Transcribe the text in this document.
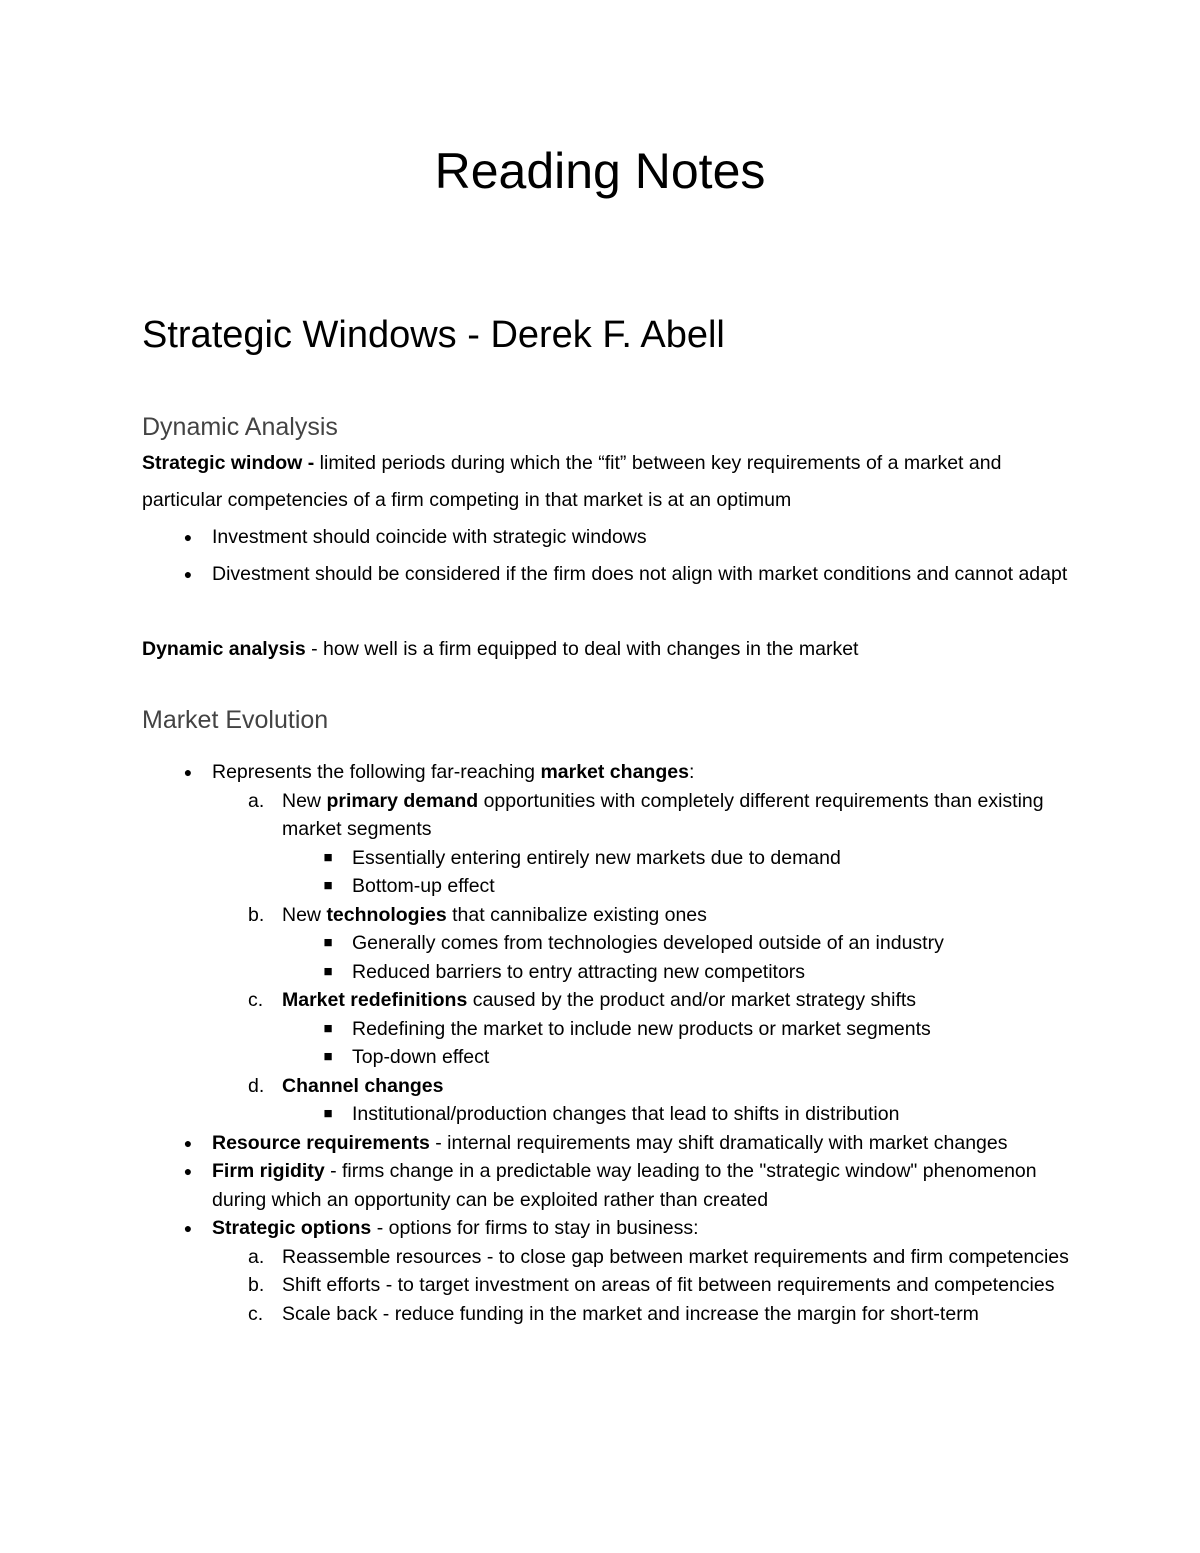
Reading Notes
Strategic Windows - Derek F. Abell
Dynamic Analysis

Strategic window - limited periods during which the “fit” between key requirements of a market and particular competencies of a firm competing in that market is at an optimum

● Investment should coincide with strategic windows
● Divestment should be considered if the firm does not align with market conditions and cannot adapt

Dynamic analysis - how well is a firm equipped to deal with changes in the market

Market Evolution
● Represents the following far-reaching market changes:
a. New primary demand opportunities with completely different requirements than existing market segments
■ Essentially entering entirely new markets due to demand
■ Bottom-up effect
b. New technologies that cannibalize existing ones
■ Generally comes from technologies developed outside of an industry
■ Reduced barriers to entry attracting new competitors
c. Market redefinitions caused by the product and/or market strategy shifts
■ Redefining the market to include new products or market segments
■ Top-down effect
d. Channel changes
■ Institutional/production changes that lead to shifts in distribution
● Resource requirements - internal requirements may shift dramatically with market changes
● Firm rigidity - firms change in a predictable way leading to the "strategic window" phenomenon during which an opportunity can be exploited rather than created
● Strategic options - options for firms to stay in business:
a. Reassemble resources - to close gap between market requirements and firm competencies
b. Shift efforts - to target investment on areas of fit between requirements and competencies
c. Scale back - reduce funding in the market and increase the margin for short-term
